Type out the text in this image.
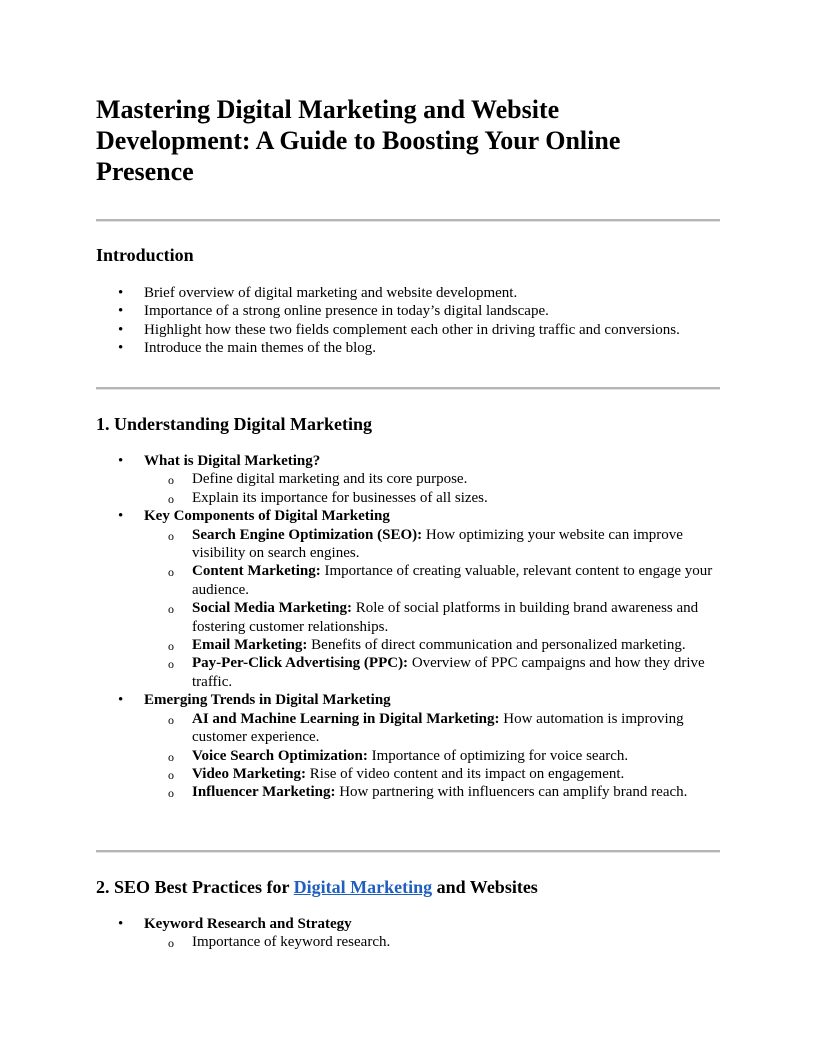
Mastering Digital Marketing and Website Development: A Guide to Boosting Your Online Presence
Introduction
• Brief overview of digital marketing and website development.
• Importance of a strong online presence in today’s digital landscape.
• Highlight how these two fields complement each other in driving traffic and conversions.
• Introduce the main themes of the blog.
1. Understanding Digital Marketing
• What is Digital Marketing?
o Define digital marketing and its core purpose.
o Explain its importance for businesses of all sizes.
• Key Components of Digital Marketing
o Search Engine Optimization (SEO): How optimizing your website can improve visibility on search engines.
o Content Marketing: Importance of creating valuable, relevant content to engage your audience.
o Social Media Marketing: Role of social platforms in building brand awareness and fostering customer relationships.
o Email Marketing: Benefits of direct communication and personalized marketing.
o Pay-Per-Click Advertising (PPC): Overview of PPC campaigns and how they drive traffic.
• Emerging Trends in Digital Marketing
o AI and Machine Learning in Digital Marketing: How automation is improving customer experience.
o Voice Search Optimization: Importance of optimizing for voice search.
o Video Marketing: Rise of video content and its impact on engagement.
o Influencer Marketing: How partnering with influencers can amplify brand reach.
2. SEO Best Practices for Digital Marketing and Websites
• Keyword Research and Strategy
o Importance of keyword research.
